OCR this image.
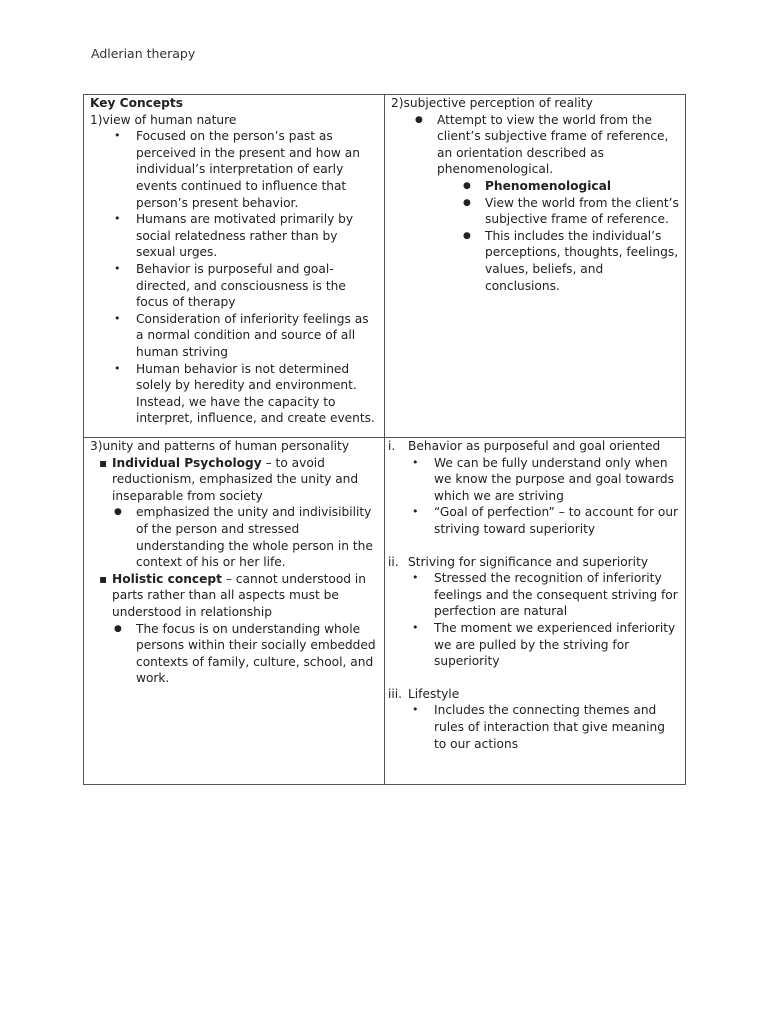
Adlerian therapy
Key Concepts
1)view of human nature
• Focused on the person’s past as perceived in the present and how an individual’s interpretation of early events continued to influence that person’s present behavior.
• Humans are motivated primarily by social relatedness rather than by sexual urges.
• Behavior is purposeful and goal-directed, and consciousness is the focus of therapy
• Consideration of inferiority feelings as a normal condition and source of all human striving
• Human behavior is not determined solely by heredity and environment. Instead, we have the capacity to interpret, influence, and create events.
2)subjective perception of reality
● Attempt to view the world from the client’s subjective frame of reference, an orientation described as phenomenological.
● Phenomenological
● View the world from the client’s subjective frame of reference.
● This includes the individual’s perceptions, thoughts, feelings, values, beliefs, and conclusions.
3)unity and patterns of human personality
▪ Individual Psychology – to avoid reductionism, emphasized the unity and inseparable from society
● emphasized the unity and indivisibility of the person and stressed understanding the whole person in the context of his or her life.
▪ Holistic concept – cannot understood in parts rather than all aspects must be understood in relationship
● The focus is on understanding whole persons within their socially embedded contexts of family, culture, school, and work.
i. Behavior as purposeful and goal oriented
• We can be fully understand only when we know the purpose and goal towards which we are striving
• “Goal of perfection” – to account for our striving toward superiority
ii. Striving for significance and superiority
• Stressed the recognition of inferiority feelings and the consequent striving for perfection are natural
• The moment we experienced inferiority we are pulled by the striving for superiority
iii. Lifestyle
• Includes the connecting themes and rules of interaction that give meaning to our actions
